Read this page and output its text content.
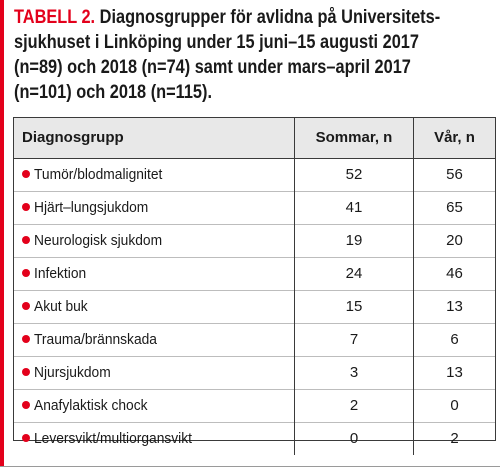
TABELL 2. Diagnosgrupper för avlidna på Universitets-
sjukhuset i Linköping under 15 juni–15 augusti 2017
(n=89) och 2018 (n=74) samt under mars–april 2017
(n=101) och 2018 (n=115).
Diagnosgrupp	Sommar, n	Vår, n
Tumör/blodmalignitet	52	56
Hjärt–lungsjukdom	41	65
Neurologisk sjukdom	19	20
Infektion	24	46
Akut buk	15	13
Trauma/brännskada	7	6
Njursjukdom	3	13
Anafylaktisk chock	2	0
Leversvikt/multiorgansvikt	0	2
